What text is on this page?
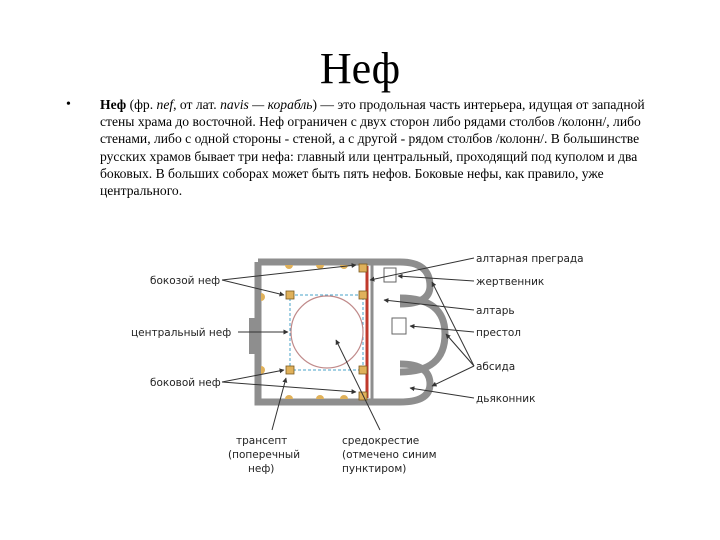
Неф
• Неф (фр. nef, от лат. navis — корабль) — это продольная часть интерьера, идущая от западной стены храма до восточной. Неф ограничен с двух сторон либо рядами столбов /колонн/, либо стенами, либо с одной стороны - стеной, а с другой - рядом столбов /колонн/. В большинстве русских храмов бывает три нефа: главный или центральный, проходящий под куполом и два боковых. В больших соборах может быть пять нефов. Боковые нефы, как правило, уже центрального.
бокозой неф
центральный неф
боковой неф
алтарная преграда
жертвенник
алтарь
престол
абсида
дьяконник
трансепт
(поперечный
неф)
средокрестие
(отмечено синим
пунктиром)
